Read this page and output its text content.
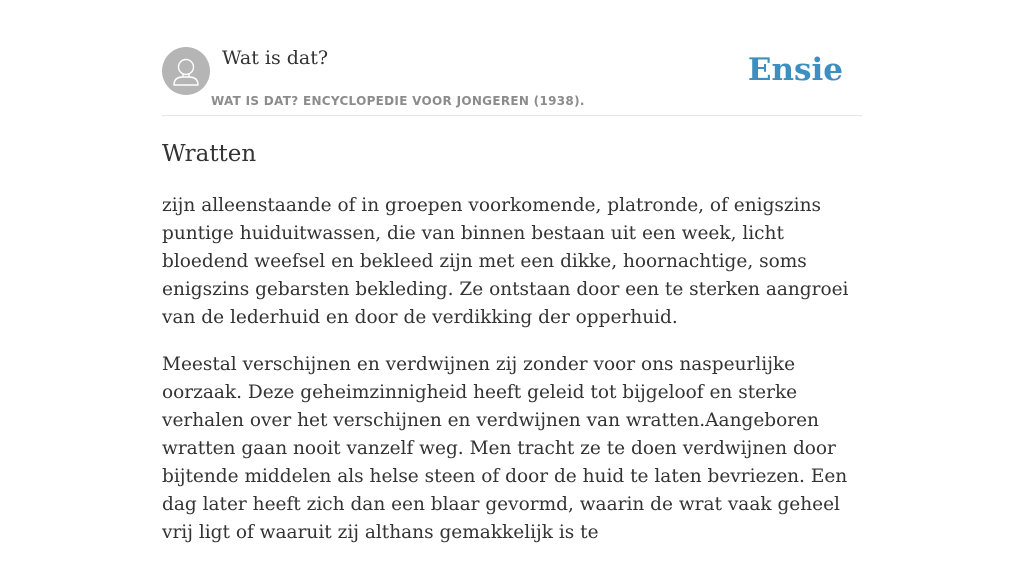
Wat is dat?
WAT IS DAT? ENCYCLOPEDIE VOOR JONGEREN (1938).
Ensie
Wratten

zijn alleenstaande of in groepen voorkomende, platronde, of enigszins puntige huiduitwassen, die van binnen bestaan uit een week, licht bloedend weefsel en bekleed zijn met een dikke, hoornachtige, soms enigszins gebarsten bekleding. Ze ontstaan door een te sterken aangroei van de lederhuid en door de verdikking der opperhuid.

Meestal verschijnen en verdwijnen zij zonder voor ons naspeurlijke oorzaak. Deze geheimzinnigheid heeft geleid tot bijgeloof en sterke verhalen over het verschijnen en verdwijnen van wratten.Aangeboren wratten gaan nooit vanzelf weg. Men tracht ze te doen verdwijnen door bijtende middelen als helse steen of door de huid te laten bevriezen. Een dag later heeft zich dan een blaar gevormd, waarin de wrat vaak geheel vrij ligt of waaruit zij althans gemakkelijk is te
